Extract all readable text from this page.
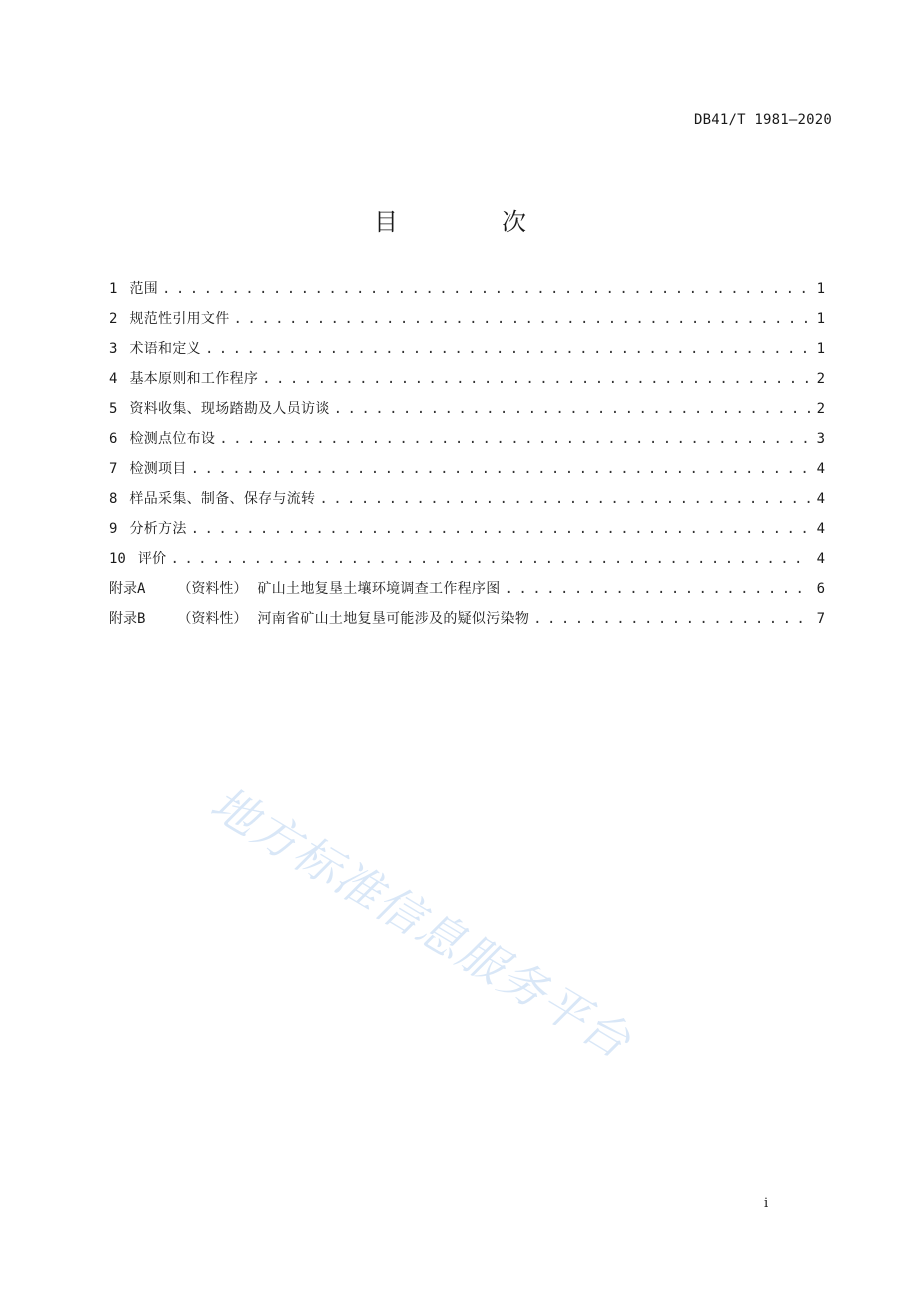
DB41/T 1981—2020
目　次
1 范围 . . .	1
2 规范性引用文件 . . .	1
3 术语和定义 . . .	1
4 基本原则和工作程序 . . .	2
5 资料收集、现场踏勘及人员访谈 . . .	2
6 检测点位布设 . . .	3
7 检测项目 . . .	4
8 样品采集、制备、保存与流转 . . .	4
9 分析方法 . . .	4
10 评价 . . .	4
附录A	（资料性） 矿山土地复垦土壤环境调查工作程序图 . . .	6
附录B	（资料性） 河南省矿山土地复垦可能涉及的疑似污染物 . . .	7
地方标准信息服务平台
i
